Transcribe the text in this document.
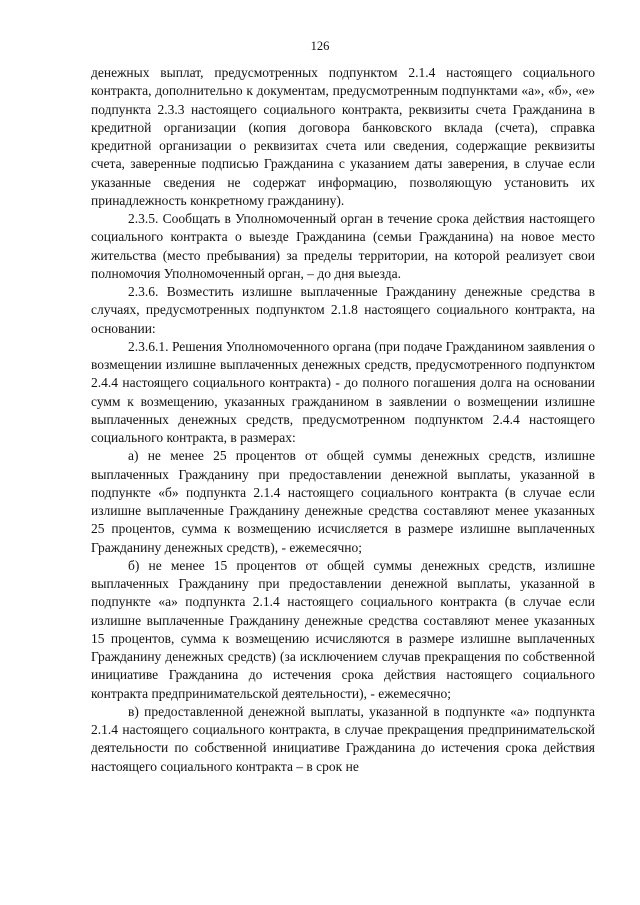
126

денежных выплат, предусмотренных подпунктом 2.1.4 настоящего социального контракта, дополнительно к документам, предусмотренным подпунктами «а», «б», «е» подпункта 2.3.3 настоящего социального контракта, реквизиты счета Гражданина в кредитной организации (копия договора банковского вклада (счета), справка кредитной организации о реквизитах счета или сведения, содержащие реквизиты счета, заверенные подписью Гражданина с указанием даты заверения, в случае если указанные сведения не содержат информацию, позволяющую установить их принадлежность конкретному гражданину).

2.3.5. Сообщать в Уполномоченный орган в течение срока действия настоящего социального контракта о выезде Гражданина (семьи Гражданина) на новое место жительства (место пребывания) за пределы территории, на которой реализует свои полномочия Уполномоченный орган, – до дня выезда.

2.3.6. Возместить излишне выплаченные Гражданину денежные средства в случаях, предусмотренных подпунктом 2.1.8 настоящего социального контракта, на основании:

2.3.6.1. Решения Уполномоченного органа (при подаче Гражданином заявления о возмещении излишне выплаченных денежных средств, предусмотренного подпунктом 2.4.4 настоящего социального контракта) - до полного погашения долга на основании сумм к возмещению, указанных гражданином в заявлении о возмещении излишне выплаченных денежных средств, предусмотренном подпунктом 2.4.4 настоящего социального контракта, в размерах:

а) не менее 25 процентов от общей суммы денежных средств, излишне выплаченных Гражданину при предоставлении денежной выплаты, указанной в подпункте «б» подпункта 2.1.4 настоящего социального контракта (в случае если излишне выплаченные Гражданину денежные средства составляют менее указанных 25 процентов, сумма к возмещению исчисляется в размере излишне выплаченных Гражданину денежных средств), - ежемесячно;

б) не менее 15 процентов от общей суммы денежных средств, излишне выплаченных Гражданину при предоставлении денежной выплаты, указанной в подпункте «а» подпункта 2.1.4 настоящего социального контракта (в случае если излишне выплаченные Гражданину денежные средства составляют менее указанных 15 процентов, сумма к возмещению исчисляются в размере излишне выплаченных Гражданину денежных средств) (за исключением случав прекращения по собственной инициативе Гражданина до истечения срока действия настоящего социального контракта предпринимательской деятельности), - ежемесячно;

в) предоставленной денежной выплаты, указанной в подпункте «а» подпункта 2.1.4 настоящего социального контракта, в случае прекращения предпринимательской деятельности по собственной инициативе Гражданина до истечения срока действия настоящего социального контракта – в срок не
